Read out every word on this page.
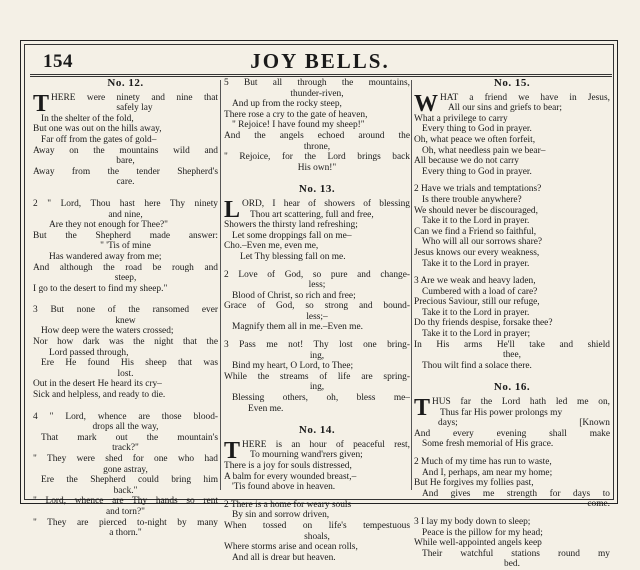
154	JOY BELLS.
No. 12.
T HERE were ninety and nine that
safely lay
In the shelter of the fold,
But one was out on the hills away,
Far off from the gates of gold–
Away on the mountains wild and
bare,
Away from the tender Shepherd's
care.
2 " Lord, Thou hast here Thy ninety
and nine,
Are they not enough for Thee?"
But the Shepherd made answer:
" 'Tis of mine
Has wandered away from me;
And although the road be rough and
steep,
I go to the desert to find my sheep."
3 But none of the ransomed ever
knew
How deep were the waters crossed;
Nor how dark was the night that the
Lord passed through,
Ere He found His sheep that was
lost.
Out in the desert He heard its cry–
Sick and helpless, and ready to die.
4 " Lord, whence are those blood-
drops all the way,
That mark out the mountain's
track?"
" They were shed for one who had
gone astray,
Ere the Shepherd could bring him
back."
" Lord, whence are Thy hands so rent
and torn?"
" They are pierced to-night by many
a thorn."
5 But all through the mountains,
thunder-riven,
And up from the rocky steep,
There rose a cry to the gate of heaven,
" Rejoice! I have found my sheep!"
And the angels echoed around the
throne,
" Rejoice, for the Lord brings back
His own!"
No. 13.
L ORD, I hear of showers of blessing
Thou art scattering, full and free,
Showers the thirsty land refreshing;
Let some droppings fall on me–
Cho.–Even me, even me,
Let Thy blessing fall on me.
2 Love of God, so pure and change-
less;
Blood of Christ, so rich and free;
Grace of God, so strong and bound-
less;–
Magnify them all in me.–Even me.
3 Pass me not! Thy lost one bring-
ing,
Bind my heart, O Lord, to Thee;
While the streams of life are spring-
ing,
Blessing others, oh, bless me–
Even me.
No. 14.
T HERE is an hour of peaceful rest,
To mourning wand'rers given;
There is a joy for souls distressed,
A balm for every wounded breast,–
'Tis found above in heaven.
2 There is a home for weary souls
By sin and sorrow driven,
When tossed on life's tempestuous
shoals,
Where storms arise and ocean rolls,
And all is drear but heaven.
No. 15.
W HAT a friend we have in Jesus,
All our sins and griefs to bear;
What a privilege to carry
Every thing to God in prayer.
Oh, what peace we often forfeit,
Oh, what needless pain we bear–
All because we do not carry
Every thing to God in prayer.
2 Have we trials and temptations?
Is there trouble anywhere?
We should never be discouraged,
Take it to the Lord in prayer.
Can we find a Friend so faithful,
Who will all our sorrows share?
Jesus knows our every weakness,
Take it to the Lord in prayer.
3 Are we weak and heavy laden,
Cumbered with a load of care?
Precious Saviour, still our refuge,
Take it to the Lord in prayer.
Do thy friends despise, forsake thee?
Take it to the Lord in prayer;
In His arms He'll take and shield
thee,
Thou wilt find a solace there.
No. 16.
T HUS far the Lord hath led me on,
Thus far His power prolongs my
days;	[Known
And every evening shall make
Some fresh memorial of His grace.
2 Much of my time has run to waste,
And I, perhaps, am near my home;
But He forgives my follies past,
And gives me strength for days to
come.
3 I lay my body down to sleep;
Peace is the pillow for my head;
While well-appointed angels keep
Their watchful stations round my
bed.
